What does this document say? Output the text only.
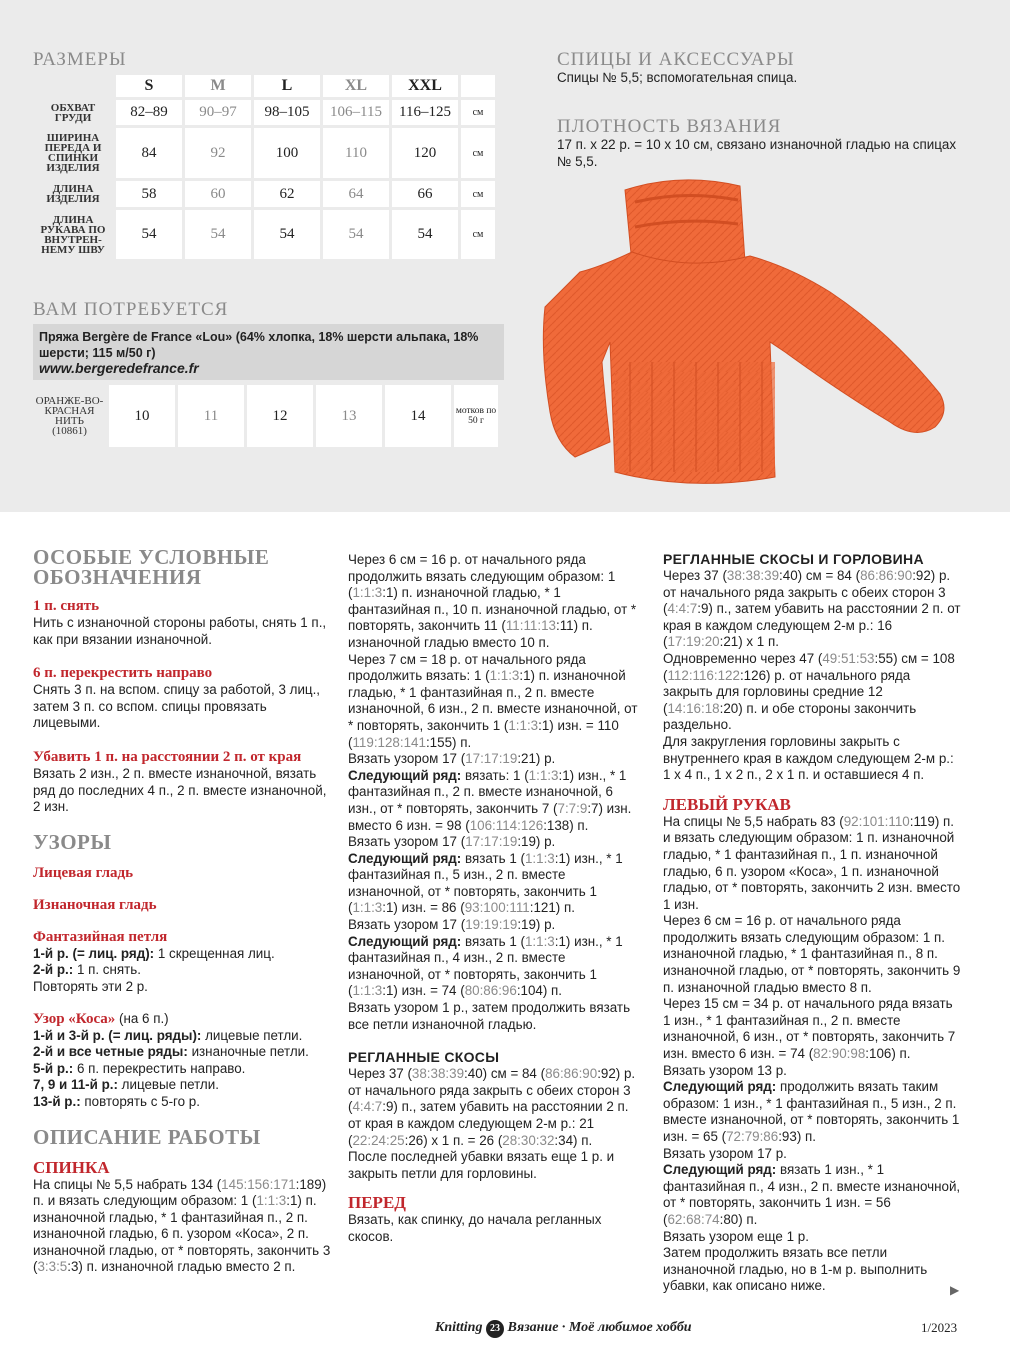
РАЗМЕРЫ
	S	M	L	XL	XXL	
ОБХВАТ ГРУДИ	82–89	90–97	98–105	106–115	116–125	см
ШИРИНА ПЕРЕДА И СПИНКИ ИЗДЕЛИЯ	84	92	100	110	120	см
ДЛИНА ИЗДЕЛИЯ	58	60	62	64	66	см
ДЛИНА РУКАВА ПО ВНУТРЕН-НЕМУ ШВУ	54	54	54	54	54	см
СПИЦЫ И АКСЕССУАРЫ
Спицы № 5,5; вспомогательная спица.
ПЛОТНОСТЬ ВЯЗАНИЯ
17 п. x 22 р. = 10 x 10 см, связано изнаночной гладью на спицах № 5,5.
ВАМ ПОТРЕБУЕТСЯ
Пряжа Bergère de France «Lou» (64% хлопка, 18% шерсти альпака, 18% шерсти; 115 м/50 г)
www.bergeredefrance.fr
ОРАНЖЕ-ВО-КРАСНАЯ НИТЬ
(10861)
	10	11	12	13	14	мотков по 50 г
ОСОБЫЕ УСЛОВНЫЕ ОБОЗНАЧЕНИЯ
1 п. снять
Нить с изнаночной стороны работы, снять 1 п., как при вязании изнаночной.
6 п. перекрестить направо
Снять 3 п. на вспом. спицу за работой, 3 лиц., затем 3 п. со вспом. спицы провязать лицевыми.
Убавить 1 п. на расстоянии 2 п. от края
Вязать 2 изн., 2 п. вместе изнаночной, вязать ряд до последних 4 п., 2 п. вместе изнаночной, 2 изн.
УЗОРЫ
Лицевая гладь
Изнаночная гладь
Фантазийная петля
1-й р. (= лиц. ряд): 1 скрещенная лиц.
2-й р.: 1 п. снять.
Повторять эти 2 р.
Узор «Коса» (на 6 п.)
1-й и 3-й р. (= лиц. ряды): лицевые петли.
2-й и все четные ряды: изнаночные петли.
5-й р.: 6 п. перекрестить направо.
7, 9 и 11-й р.: лицевые петли.
13-й р.: повторять с 5-го р.
ОПИСАНИЕ РАБОТЫ
СПИНКА
На спицы № 5,5 набрать 134 (145:156:171:189) п. и вязать следующим образом: 1 (1:1:3:1) п. изнаночной гладью, * 1 фантазийная п., 2 п. изнаночной гладью, 6 п. узором «Коса», 2 п. изнаночной гладью, от * повторять, закончить 3 (3:3:5:3) п. изнаночной гладью вместо 2 п.
Через 6 см = 16 р. от начального ряда продолжить вязать следующим образом: 1 (1:1:3:1) п. изнаночной гладью, * 1 фантазийная п., 10 п. изнаночной гладью, от * повторять, закончить 11 (11:11:13:11) п. изнаночной гладью вместо 10 п.
Через 7 см = 18 р. от начального ряда продолжить вязать: 1 (1:1:3:1) п. изнаночной гладью, * 1 фантазийная п., 2 п. вместе изнаночной, 6 изн., 2 п. вместе изнаночной, от * повторять, закончить 1 (1:1:3:1) изн. = 110 (119:128:141:155) п.
Вязать узором 17 (17:17:19:21) р.
Следующий ряд: вязать: 1 (1:1:3:1) изн., * 1 фантазийная п., 2 п. вместе изнаночной, 6 изн., от * повторять, закончить 7 (7:7:9:7) изн. вместо 6 изн. = 98 (106:114:126:138) п.
Вязать узором 17 (17:17:19:19) р.
Следующий ряд: вязать 1 (1:1:3:1) изн., * 1 фантазийная п., 5 изн., 2 п. вместе изнаночной, от * повторять, закончить 1 (1:1:3:1) изн. = 86 (93:100:111:121) п.
Вязать узором 17 (19:19:19:19) р.
Следующий ряд: вязать 1 (1:1:3:1) изн., * 1 фантазийная п., 4 изн., 2 п. вместе изнаночной, от * повторять, закончить 1 (1:1:3:1) изн. = 74 (80:86:96:104) п.
Вязать узором 1 р., затем продолжить вязать все петли изнаночной гладью.
РЕГЛАННЫЕ СКОСЫ
Через 37 (38:38:39:40) см = 84 (86:86:90:92) р. от начального ряда закрыть с обеих сторон 3 (4:4:7:9) п., затем убавить на расстоянии 2 п. от края в каждом следующем 2-м р.: 21 (22:24:25:26) x 1 п. = 26 (28:30:32:34) п.
После последней убавки вязать еще 1 р. и закрыть петли для горловины.
ПЕРЕД
Вязать, как спинку, до начала регланных скосов.
РЕГЛАННЫЕ СКОСЫ И ГОРЛОВИНА
Через 37 (38:38:39:40) см = 84 (86:86:90:92) р. от начального ряда закрыть с обеих сторон 3 (4:4:7:9) п., затем убавить на расстоянии 2 п. от края в каждом следующем 2-м р.: 16 (17:19:20:21) x 1 п.
Одновременно через 47 (49:51:53:55) см = 108 (112:116:122:126) р. от начального ряда закрыть для горловины средние 12 (14:16:18:20) п. и обе стороны закончить раздельно.
Для закругления горловины закрыть с внутреннего края в каждом следующем 2-м р.: 1 x 4 п., 1 x 2 п., 2 x 1 п. и оставшиеся 4 п.
ЛЕВЫЙ РУКАВ
На спицы № 5,5 набрать 83 (92:101:110:119) п. и вязать следующим образом: 1 п. изнаночной гладью, * 1 фантазийная п., 1 п. изнаночной гладью, 6 п. узором «Коса», 1 п. изнаночной гладью, от * повторять, закончить 2 изн. вместо 1 изн.
Через 6 см = 16 р. от начального ряда продолжить вязать следующим образом: 1 п. изнаночной гладью, * 1 фантазийная п., 8 п. изнаночной гладью, от * повторять, закончить 9 п. изнаночной гладью вместо 8 п.
Через 15 см = 34 р. от начального ряда вязать 1 изн., * 1 фантазийная п., 2 п. вместе изнаночной, 6 изн., от * повторять, закончить 7 изн. вместо 6 изн. = 74 (82:90:98:106) п.
Вязать узором 13 р.
Следующий ряд: продолжить вязать таким образом: 1 изн., * 1 фантазийная п., 5 изн., 2 п. вместе изнаночной, от * повторять, закончить 1 изн. = 65 (72:79:86:93) п.
Вязать узором 17 р.
Следующий ряд: вязать 1 изн., * 1 фантазийная п., 4 изн., 2 п. вместе изнаночной, от * повторять, закончить 1 изн. = 56 (62:68:74:80) п.
Вязать узором еще 1 р.
Затем продолжить вязать все петли изнаночной гладью, но в 1-м р. выполнить убавки, как описано ниже.	▶
Knitting 23 Вязание · Моё любимое хобби	1/2023
